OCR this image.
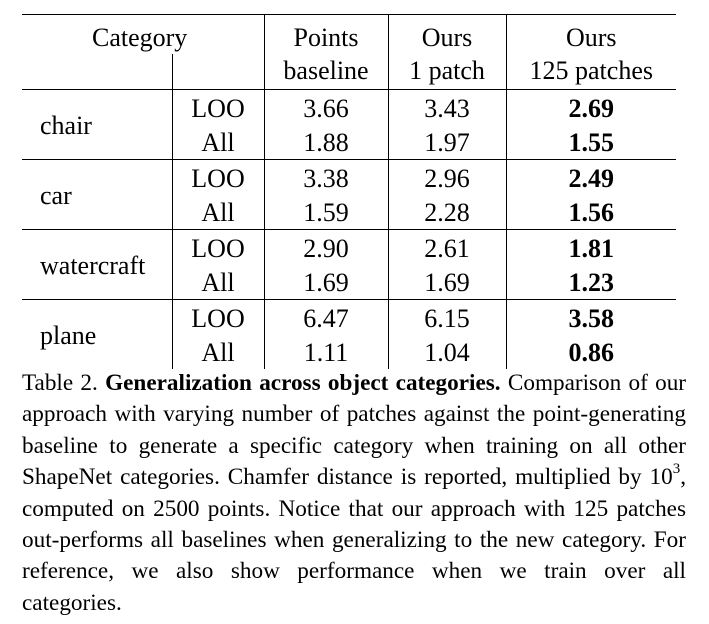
Category		Points	Ours	Ours
		baseline	1 patch	125 patches
chair	LOO	3.66	3.43	2.69
	All	1.88	1.97	1.55
car	LOO	3.38	2.96	2.49
	All	1.59	2.28	1.56
watercraft	LOO	2.90	2.61	1.81
	All	1.69	1.69	1.23
plane	LOO	6.47	6.15	3.58
	All	1.11	1.04	0.86
Table 2. Generalization across object categories. Comparison of our approach with varying number of patches against the point-generating baseline to generate a specific category when training on all other ShapeNet categories. Chamfer distance is reported, multiplied by $10^3$, computed on 2500 points. Notice that our approach with 125 patches out-performs all baselines when generalizing to the new category. For reference, we also show performance when we train over all categories.
